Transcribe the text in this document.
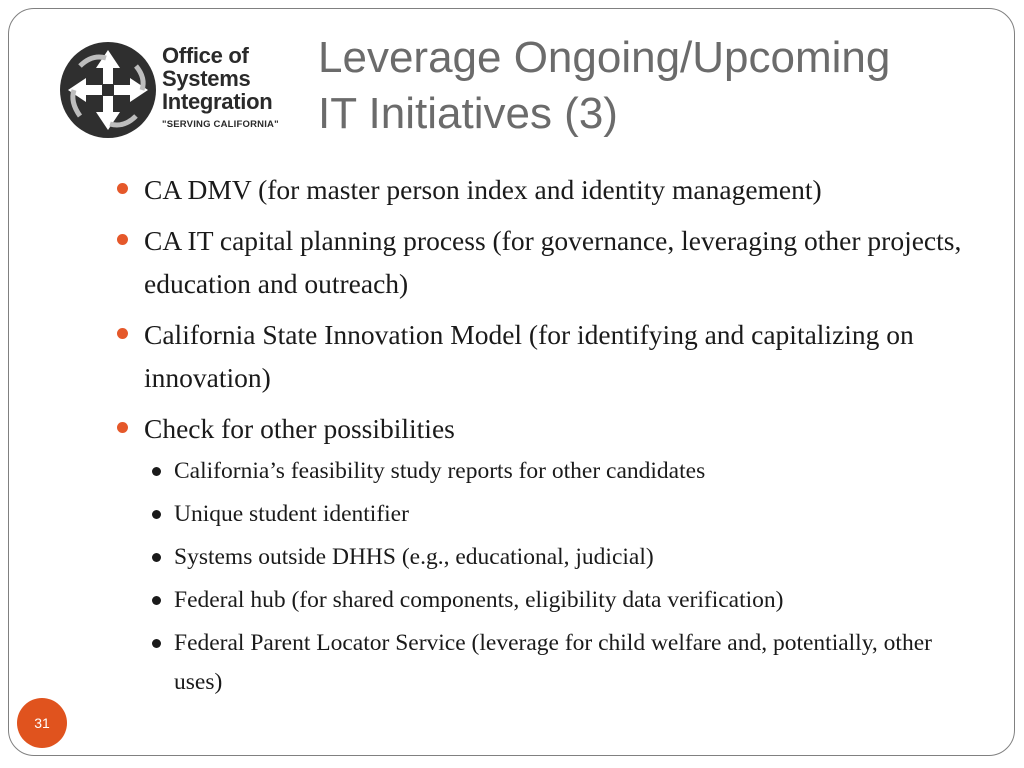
Office of
Systems
Integration
"SERVING CALIFORNIA"
Leverage Ongoing/Upcoming
IT Initiatives (3)
CA DMV (for master person index and identity management)
CA IT capital planning process (for governance, leveraging other projects, education and outreach)
California State Innovation Model (for identifying and capitalizing on innovation)
Check for other possibilities
California’s feasibility study reports for other candidates
Unique student identifier
Systems outside DHHS (e.g., educational, judicial)
Federal hub (for shared components, eligibility data verification)
Federal Parent Locator Service (leverage for child welfare and, potentially, other uses)
31
